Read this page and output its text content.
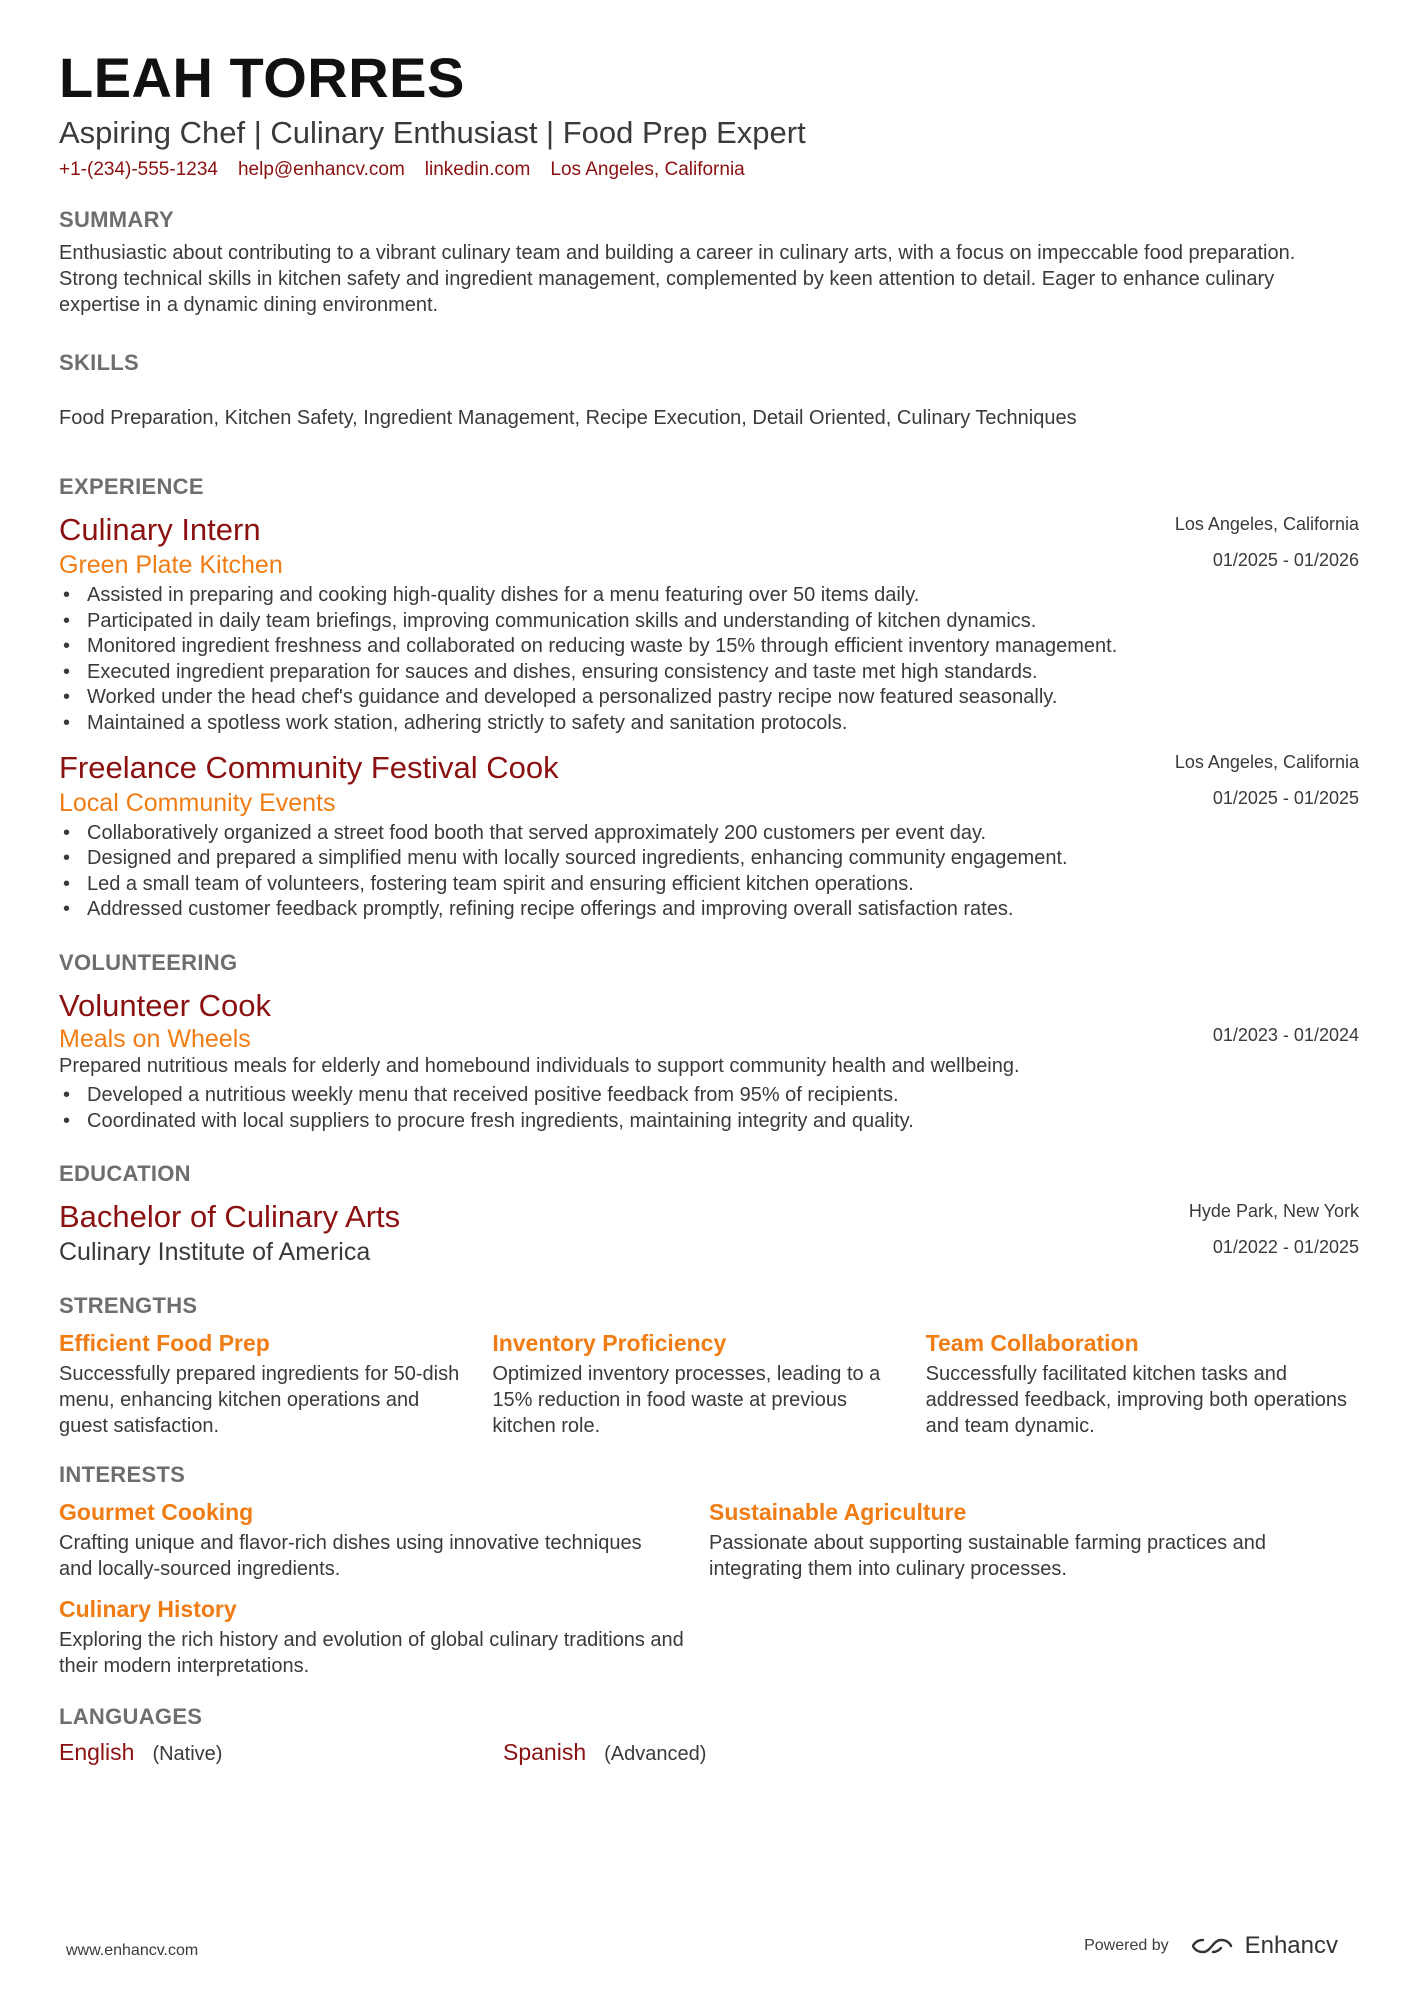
LEAH TORRES
Aspiring Chef | Culinary Enthusiast | Food Prep Expert
+1-(234)-555-1234 help@enhancv.com linkedin.com Los Angeles, California
SUMMARY
Enthusiastic about contributing to a vibrant culinary team and building a career in culinary arts, with a focus on impeccable food preparation. Strong technical skills in kitchen safety and ingredient management, complemented by keen attention to detail. Eager to enhance culinary expertise in a dynamic dining environment.
SKILLS
Food Preparation, Kitchen Safety, Ingredient Management, Recipe Execution, Detail Oriented, Culinary Techniques
EXPERIENCE
Los Angeles, California
01/2025 - 01/2026
Culinary Intern
Green Plate Kitchen
• Assisted in preparing and cooking high-quality dishes for a menu featuring over 50 items daily.
• Participated in daily team briefings, improving communication skills and understanding of kitchen dynamics.
• Monitored ingredient freshness and collaborated on reducing waste by 15% through efficient inventory management.
• Executed ingredient preparation for sauces and dishes, ensuring consistency and taste met high standards.
• Worked under the head chef's guidance and developed a personalized pastry recipe now featured seasonally.
• Maintained a spotless work station, adhering strictly to safety and sanitation protocols.
Los Angeles, California
01/2025 - 01/2025
Freelance Community Festival Cook
Local Community Events
• Collaboratively organized a street food booth that served approximately 200 customers per event day.
• Designed and prepared a simplified menu with locally sourced ingredients, enhancing community engagement.
• Led a small team of volunteers, fostering team spirit and ensuring efficient kitchen operations.
• Addressed customer feedback promptly, refining recipe offerings and improving overall satisfaction rates.
VOLUNTEERING
01/2023 - 01/2024
Volunteer Cook
Meals on Wheels
Prepared nutritious meals for elderly and homebound individuals to support community health and wellbeing.
• Developed a nutritious weekly menu that received positive feedback from 95% of recipients.
• Coordinated with local suppliers to procure fresh ingredients, maintaining integrity and quality.
EDUCATION
Hyde Park, New York
01/2022 - 01/2025
Bachelor of Culinary Arts
Culinary Institute of America
STRENGTHS
Efficient Food Prep
Successfully prepared ingredients for 50-dish menu, enhancing kitchen operations and guest satisfaction.
Inventory Proficiency
Optimized inventory processes, leading to a 15% reduction in food waste at previous kitchen role.
Team Collaboration
Successfully facilitated kitchen tasks and addressed feedback, improving both operations and team dynamic.
INTERESTS
Gourmet Cooking
Crafting unique and flavor-rich dishes using innovative techniques and locally-sourced ingredients.
Sustainable Agriculture
Passionate about supporting sustainable farming practices and integrating them into culinary processes.
Culinary History
Exploring the rich history and evolution of global culinary traditions and their modern interpretations.
LANGUAGES
English (Native)	Spanish (Advanced)
www.enhancv.com	Powered by	Enhancv
